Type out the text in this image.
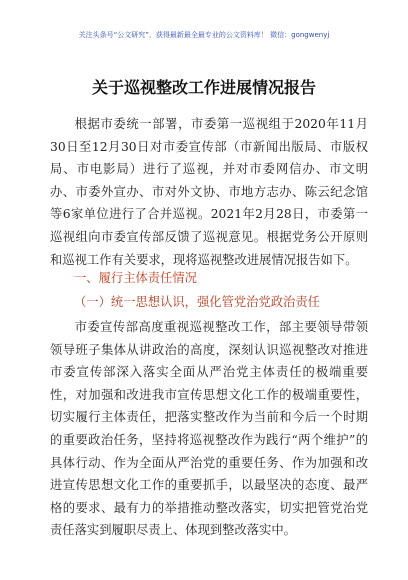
关注头条号“公文研究”，获得最新最全最专业的公文资料库！ 微信：gongwenyj
关于巡视整改工作进展情况报告
根据市委统一部署，市委第一巡视组于2020年11月30日至12月30日对市委宣传部（市新闻出版局、市版权局、市电影局）进行了巡视，并对市委网信办、市文明办、市委外宣办、市对外文协、市地方志办、陈云纪念馆等6家单位进行了合并巡视。2021年2月28日，市委第一巡视组向市委宣传部反馈了巡视意见。根据党务公开原则和巡视工作有关要求，现将巡视整改进展情况报告如下。
一、履行主体责任情况
（一）统一思想认识，强化管党治党政治责任
市委宣传部高度重视巡视整改工作，部主要领导带领领导班子集体从讲政治的高度，深刻认识巡视整改对推进市委宣传部深入落实全面从严治党主体责任的极端重要性，对加强和改进我市宣传思想文化工作的极端重要性，切实履行主体责任，把落实整改作为当前和今后一个时期的重要政治任务，坚持将巡视整改作为践行“两个维护”的具体行动、作为全面从严治党的重要任务、作为加强和改进宣传思想文化工作的重要抓手，以最坚决的态度、最严格的要求、最有力的举措推动整改落实，切实把管党治党责任落实到履职尽责上、体现到整改落实中。
